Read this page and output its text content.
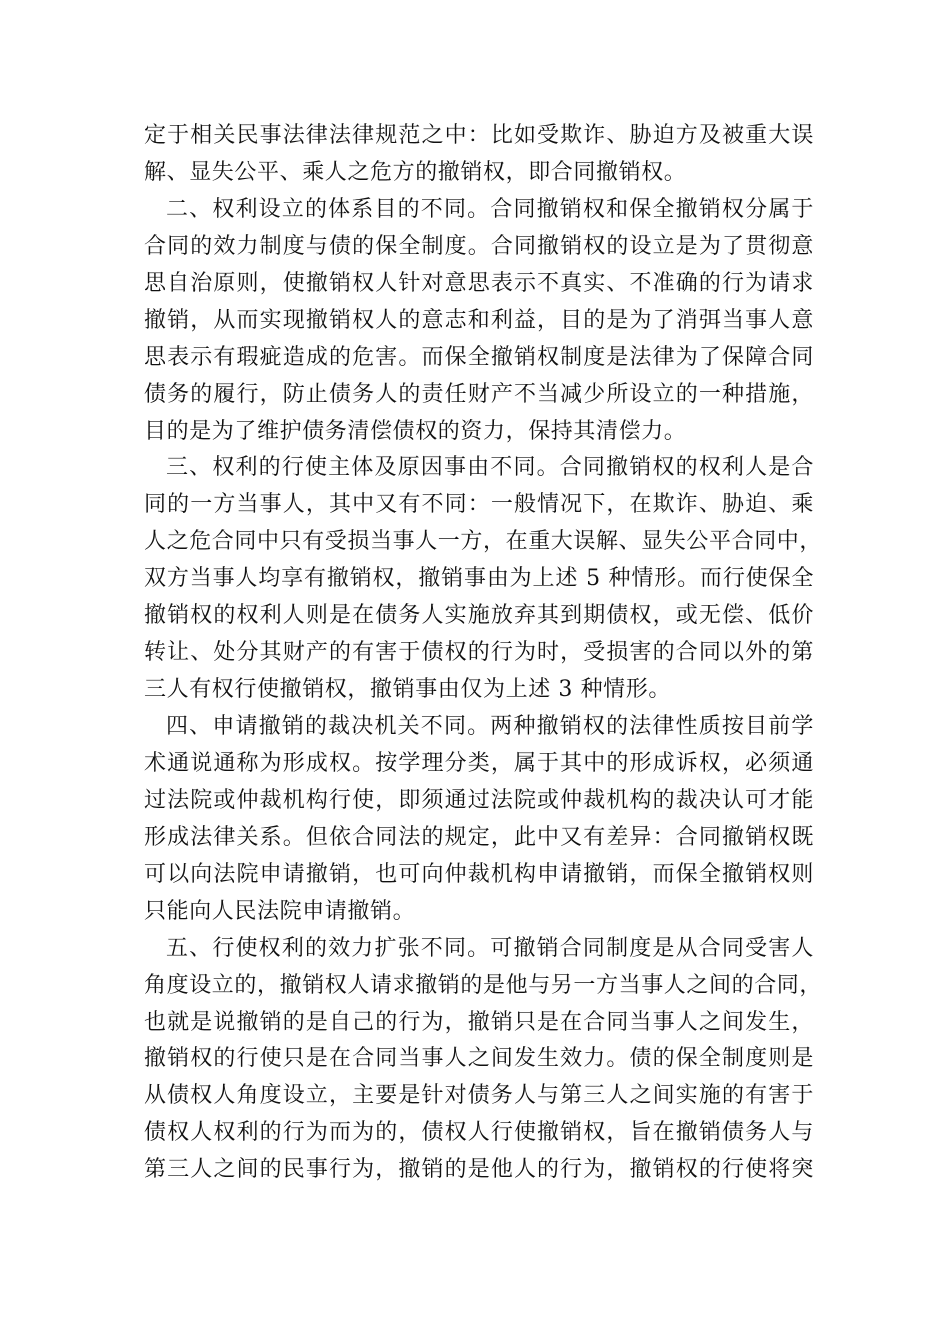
定于相关民事法律法律规范之中：比如受欺诈、胁迫方及被重大误
解、显失公平、乘人之危方的撤销权，即合同撤销权。
二、权利设立的体系目的不同。合同撤销权和保全撤销权分属于
合同的效力制度与债的保全制度。合同撤销权的设立是为了贯彻意
思自治原则，使撤销权人针对意思表示不真实、不准确的行为请求
撤销，从而实现撤销权人的意志和利益，目的是为了消弭当事人意
思表示有瑕疵造成的危害。而保全撤销权制度是法律为了保障合同
债务的履行，防止债务人的责任财产不当减少所设立的一种措施，
目的是为了维护债务清偿债权的资力，保持其清偿力。
三、权利的行使主体及原因事由不同。合同撤销权的权利人是合
同的一方当事人，其中又有不同：一般情况下，在欺诈、胁迫、乘
人之危合同中只有受损当事人一方，在重大误解、显失公平合同中，
双方当事人均享有撤销权，撤销事由为上述 5 种情形。而行使保全
撤销权的权利人则是在债务人实施放弃其到期债权，或无偿、低价
转让、处分其财产的有害于债权的行为时，受损害的合同以外的第
三人有权行使撤销权，撤销事由仅为上述 3 种情形。
四、申请撤销的裁决机关不同。两种撤销权的法律性质按目前学
术通说通称为形成权。按学理分类，属于其中的形成诉权，必须通
过法院或仲裁机构行使，即须通过法院或仲裁机构的裁决认可才能
形成法律关系。但依合同法的规定，此中又有差异：合同撤销权既
可以向法院申请撤销，也可向仲裁机构申请撤销，而保全撤销权则
只能向人民法院申请撤销。
五、行使权利的效力扩张不同。可撤销合同制度是从合同受害人
角度设立的，撤销权人请求撤销的是他与另一方当事人之间的合同，
也就是说撤销的是自己的行为，撤销只是在合同当事人之间发生，
撤销权的行使只是在合同当事人之间发生效力。债的保全制度则是
从债权人角度设立，主要是针对债务人与第三人之间实施的有害于
债权人权利的行为而为的，债权人行使撤销权，旨在撤销债务人与
第三人之间的民事行为，撤销的是他人的行为，撤销权的行使将突
